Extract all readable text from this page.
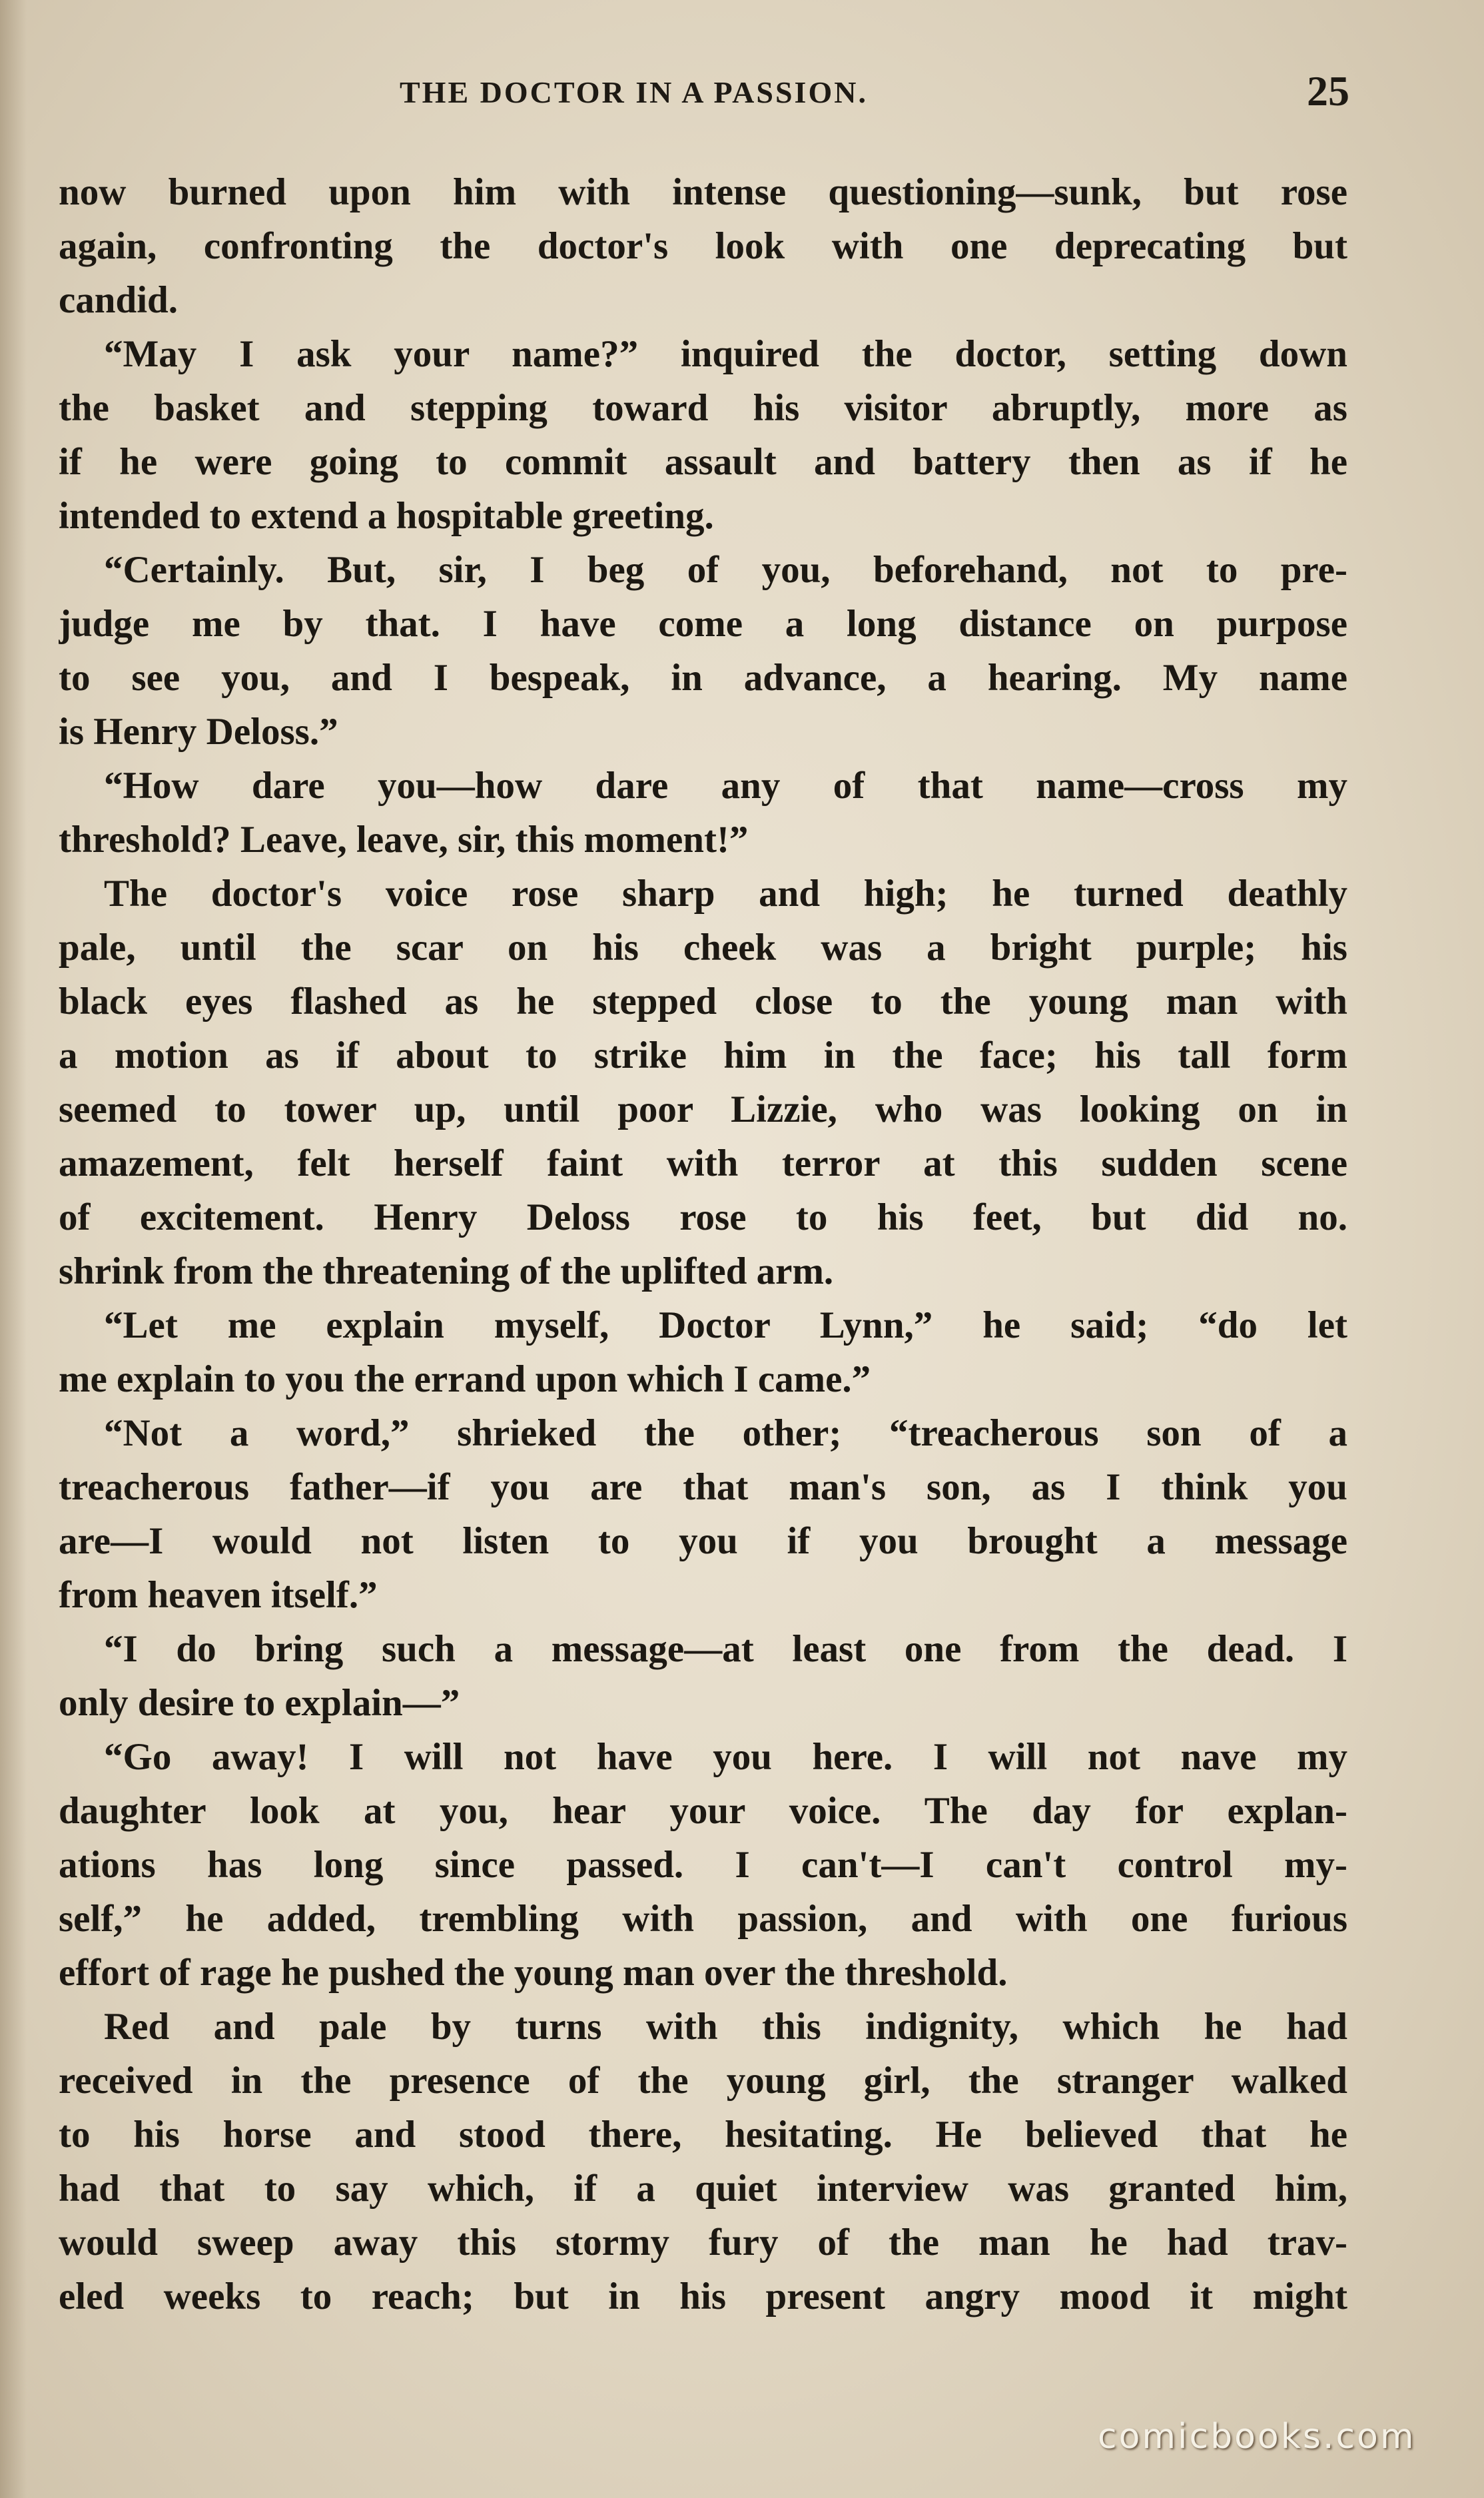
THE DOCTOR IN A PASSION.	25
now burned upon him with intense questioning—sunk, but rose
again, confronting the doctor's look with one deprecating but
candid.
“May I ask your name?” inquired the doctor, setting down
the basket and stepping toward his visitor abruptly, more as
if he were going to commit assault and battery then as if he
intended to extend a hospitable greeting.
“Certainly. But, sir, I beg of you, beforehand, not to pre-
judge me by that. I have come a long distance on purpose
to see you, and I bespeak, in advance, a hearing. My name
is Henry Deloss.”
“How dare you—how dare any of that name—cross my
threshold? Leave, leave, sir, this moment!”
The doctor's voice rose sharp and high; he turned deathly
pale, until the scar on his cheek was a bright purple; his
black eyes flashed as he stepped close to the young man with
a motion as if about to strike him in the face; his tall form
seemed to tower up, until poor Lizzie, who was looking on in
amazement, felt herself faint with terror at this sudden scene
of excitement. Henry Deloss rose to his feet, but did no.
shrink from the threatening of the uplifted arm.
“Let me explain myself, Doctor Lynn,” he said; “do let
me explain to you the errand upon which I came.”
“Not a word,” shrieked the other; “treacherous son of a
treacherous father—if you are that man's son, as I think you
are—I would not listen to you if you brought a message
from heaven itself.”
“I do bring such a message—at least one from the dead. I
only desire to explain—”
“Go away! I will not have you here. I will not nave my
daughter look at you, hear your voice. The day for explan-
ations has long since passed. I can't—I can't control my-
self,” he added, trembling with passion, and with one furious
effort of rage he pushed the young man over the threshold.
Red and pale by turns with this indignity, which he had
received in the presence of the young girl, the stranger walked
to his horse and stood there, hesitating. He believed that he
had that to say which, if a quiet interview was granted him,
would sweep away this stormy fury of the man he had trav-
eled weeks to reach; but in his present angry mood it might
comicbooks.com
